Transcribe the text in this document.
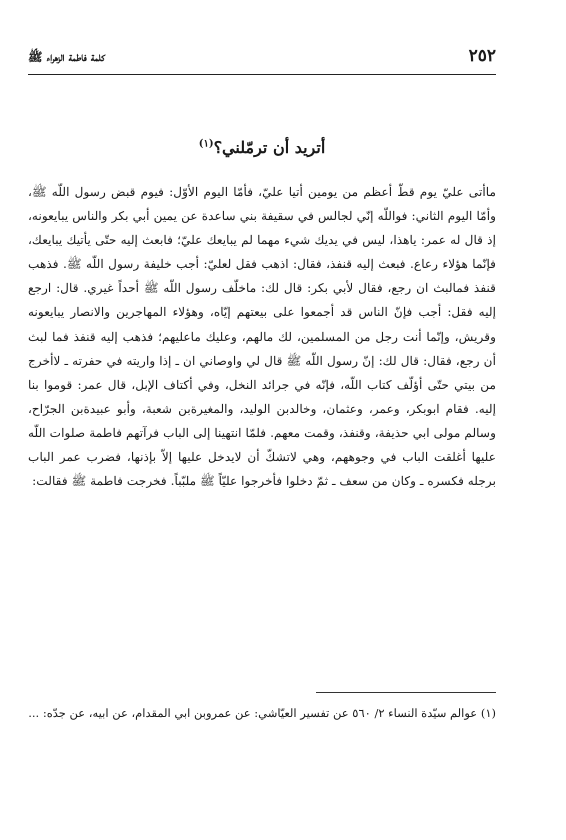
٢٥٢
كلمة فاطمة الزهراء ﷺ
أتريد أن ترمّلني؟$^{(١)}$

ماأتى عليّ يوم قطّ أعظم من يومين أتيا عليّ، فأمّا اليوم الأوّل: فيوم قبض رسول اللّه ﷺ، وأمّا اليوم الثاني: فواللّه إنّي لجالس في سقيفة بني ساعدة عن يمين أبي بكر والناس يبايعونه، إذ قال له عمر: ياهذا، ليس في يديك شيء مهما لم يبايعك عليّ؛ فابعث إليه حتّى يأتيك يبايعك، فإنّما هؤلاء رعاع. فبعث إليه قنفذ، فقال: اذهب فقل لعليّ: أجب خليفة رسول اللّه ﷺ. فذهب قنفذ فمالبث ان رجع، فقال لأبي بكر: قال لك: ماخلّف رسول اللّه ﷺ أحداً غيري. قال: ارجع إليه فقل: أجب فإنّ الناس قد أجمعوا على بيعتهم إيّاه، وهؤلاء المهاجرين والانصار يبايعونه وقريش، وإنّما أنت رجل من المسلمين، لك مالهم، وعليك ماعليهم؛ فذهب إليه قنفذ فما لبث أن رجع، فقال: قال لك: إنّ رسول اللّه ﷺ قال لي واوصاني ان ـ إذا واريته في حفرته ـ لاأخرج من بيتي حتّى أؤلّف كتاب اللّه، فإنّه في جرائد النخل، وفي أكتاف الإبل، قال عمر: قوموا بنا إليه. فقام ابوبكر، وعمر، وعثمان، وخالدبن الوليد، والمغيرةبن شعبة، وأبو عبيدةبن الجرّاح، وسالم مولى ابي حذيفة، وقنفذ، وقمت معهم. فلمّا انتهينا إلى الباب فرآتهم فاطمة صلوات اللّه عليها أغلقت الباب في وجوههم، وهي لاتشكّ أن لايدخل عليها إلاّ بإذنها، فضرب عمر الباب برجله فكسره ـ وكان من سعف ـ ثمّ دخلوا فأخرجوا عليّاً ﷺ ملبّباً. فخرجت فاطمة ﷺ فقالت:

(١) عوالم سيّدة النساء ٢/ ٥٦٠ عن تفسير العيّاشي: عن عمروبن ابي المقدام، عن ابيه، عن جدّه: ...
